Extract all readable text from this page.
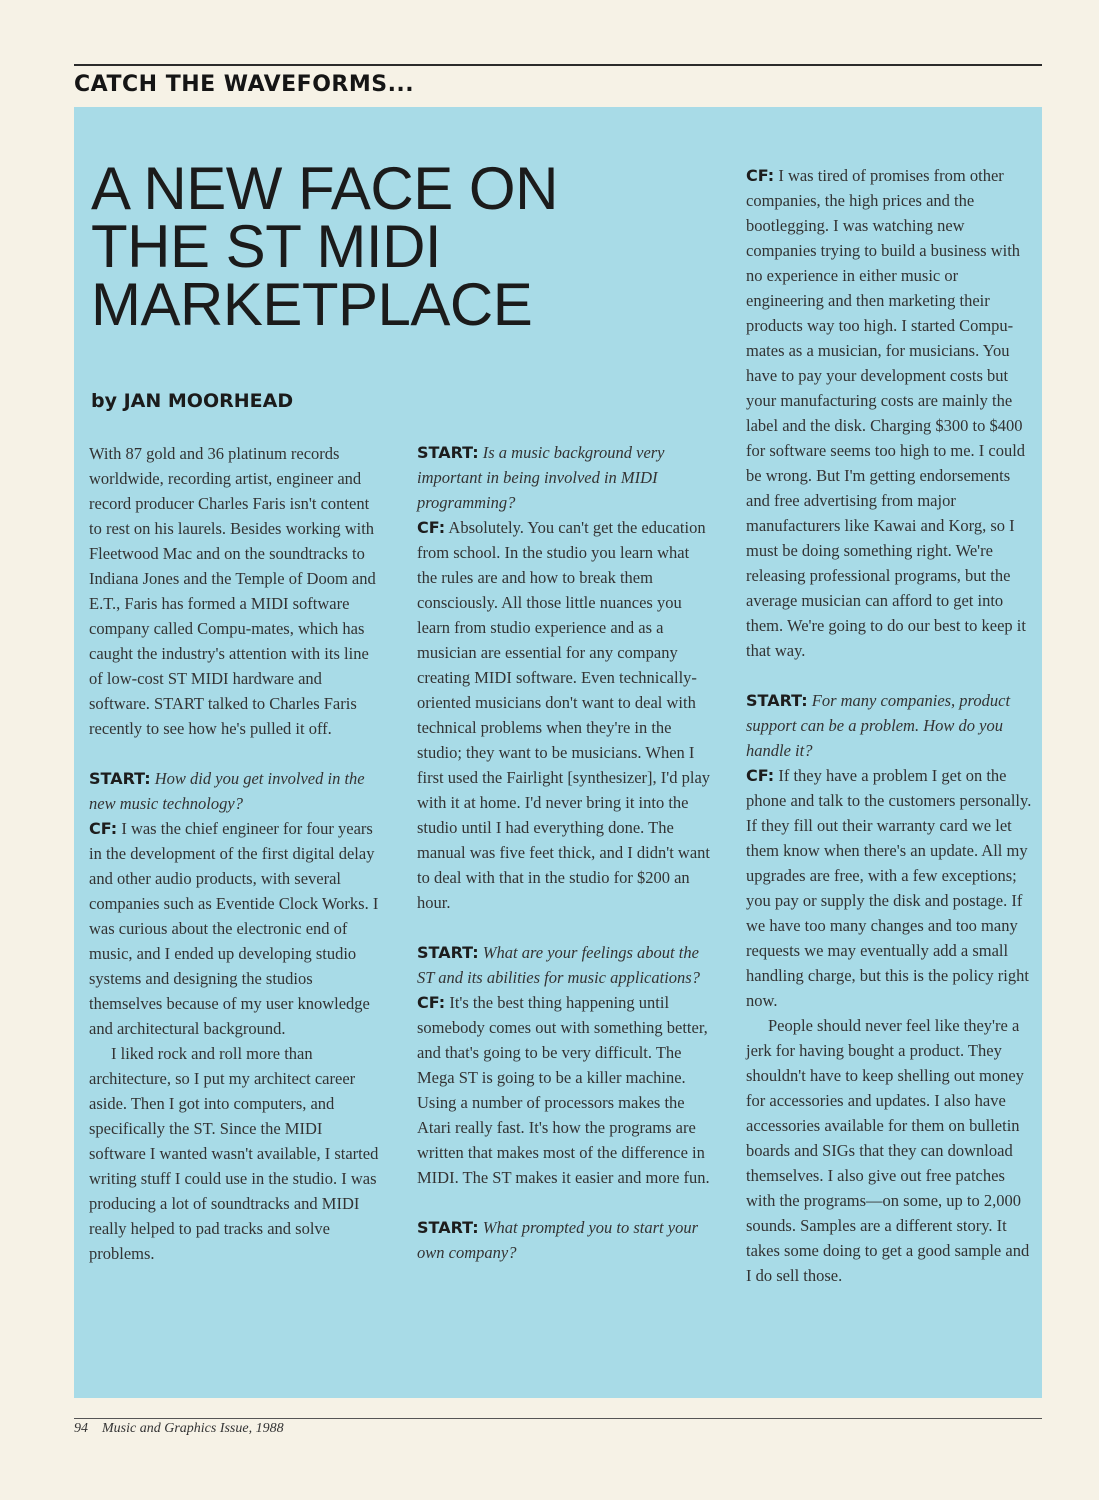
CATCH THE WAVEFORMS...
A NEW FACE ON
THE ST MIDI
MARKETPLACE
by JAN MOORHEAD

With 87 gold and 36 platinum records worldwide, recording artist, engineer and record producer Charles Faris isn't content to rest on his laurels. Besides working with Fleetwood Mac and on the soundtracks to Indiana Jones and the Temple of Doom and E.T., Faris has formed a MIDI software company called Compu-mates, which has caught the industry's attention with its line of low-cost ST MIDI hardware and software. START talked to Charles Faris recently to see how he's pulled it off.

START: How did you get involved in the new music technology?

CF: I was the chief engineer for four years in the development of the first digital delay and other audio products, with several companies such as Eventide Clock Works. I was curious about the electronic end of music, and I ended up developing studio systems and designing the studios themselves because of my user knowledge and architectural background.

I liked rock and roll more than architecture, so I put my architect career aside. Then I got into computers, and specifically the ST. Since the MIDI software I wanted wasn't available, I started writing stuff I could use in the studio. I was producing a lot of soundtracks and MIDI really helped to pad tracks and solve problems.

START: Is a music background very important in being involved in MIDI programming?

CF: Absolutely. You can't get the education from school. In the studio you learn what the rules are and how to break them consciously. All those little nuances you learn from studio experience and as a musician are essential for any company creating MIDI software. Even technically-oriented musicians don't want to deal with technical problems when they're in the studio; they want to be musicians. When I first used the Fairlight [synthesizer], I'd play with it at home. I'd never bring it into the studio until I had everything done. The manual was five feet thick, and I didn't want to deal with that in the studio for $200 an hour.

START: What are your feelings about the ST and its abilities for music applications?

CF: It's the best thing happening until somebody comes out with something better, and that's going to be very difficult. The Mega ST is going to be a killer machine. Using a number of processors makes the Atari really fast. It's how the programs are written that makes most of the difference in MIDI. The ST makes it easier and more fun.

START: What prompted you to start your own company?

CF: I was tired of promises from other companies, the high prices and the bootlegging. I was watching new companies trying to build a business with no experience in either music or engineering and then marketing their products way too high. I started Compu-mates as a musician, for musicians. You have to pay your development costs but your manufacturing costs are mainly the label and the disk. Charging $300 to $400 for software seems too high to me. I could be wrong. But I'm getting endorsements and free advertising from major manufacturers like Kawai and Korg, so I must be doing something right. We're releasing professional programs, but the average musician can afford to get into them. We're going to do our best to keep it that way.

START: For many companies, product support can be a problem. How do you handle it?

CF: If they have a problem I get on the phone and talk to the customers personally. If they fill out their warranty card we let them know when there's an update. All my upgrades are free, with a few exceptions; you pay or supply the disk and postage. If we have too many changes and too many requests we may eventually add a small handling charge, but this is the policy right now.

People should never feel like they're a jerk for having bought a product. They shouldn't have to keep shelling out money for accessories and updates. I also have accessories available for them on bulletin boards and SIGs that they can download themselves. I also give out free patches with the programs—on some, up to 2,000 sounds. Samples are a different story. It takes some doing to get a good sample and I do sell those.

94 Music and Graphics Issue, 1988
